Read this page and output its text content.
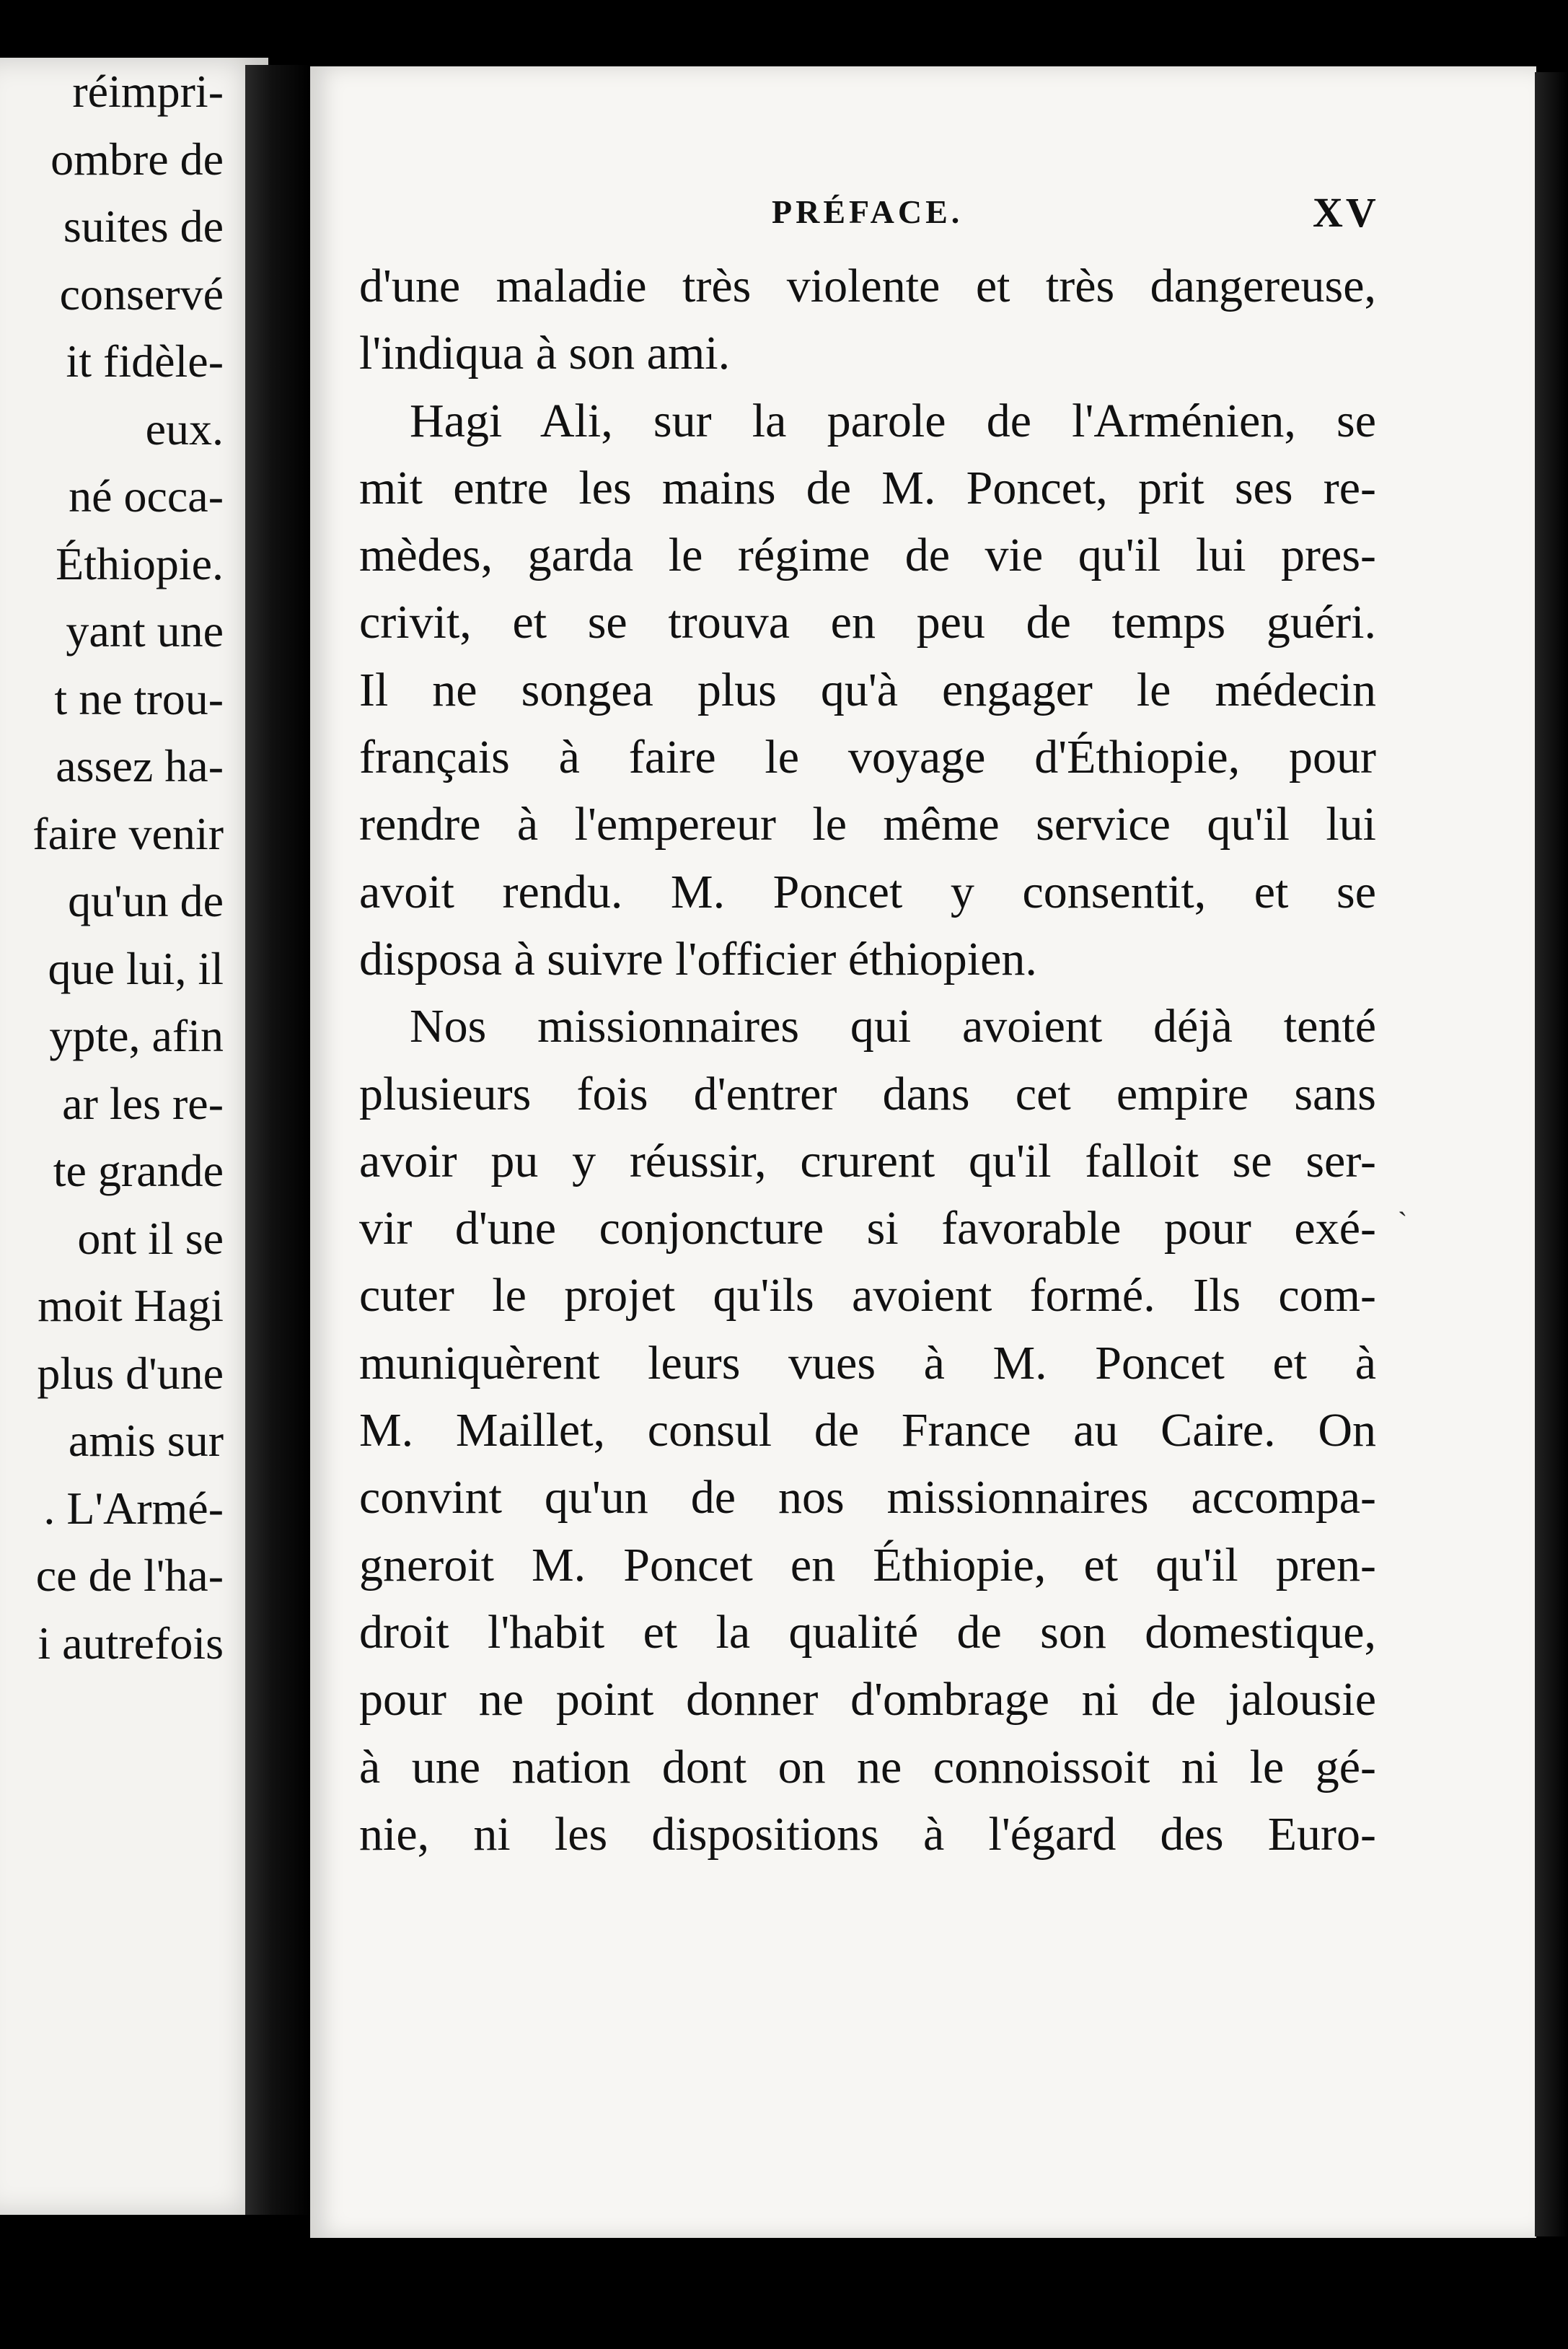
réimpri-
ombre de
suites de
conservé
it fidèle-
eux.
né occa-
Éthiopie.
yant une
t ne trou-
assez ha-
faire venir
qu'un de
que lui, il
ypte, afin
ar les re-
te grande
ont il se
moit Hagi
plus d'une
amis sur
. L'Armé-
ce de l'ha-
i autrefois
PRÉFACE.	XV
d'une maladie très violente et très dangereuse,
l'indiqua à son ami.
Hagi Ali, sur la parole de l'Arménien, se
mit entre les mains de M. Poncet, prit ses re-
mèdes, garda le régime de vie qu'il lui pres-
crivit, et se trouva en peu de temps guéri.
Il ne songea plus qu'à engager le médecin
français à faire le voyage d'Éthiopie, pour
rendre à l'empereur le même service qu'il lui
avoit rendu. M. Poncet y consentit, et se
disposa à suivre l'officier éthiopien.
Nos missionnaires qui avoient déjà tenté
plusieurs fois d'entrer dans cet empire sans
avoir pu y réussir, crurent qu'il falloit se ser-
vir d'une conjoncture si favorable pour exé-
cuter le projet qu'ils avoient formé. Ils com-
muniquèrent leurs vues à M. Poncet et à
M. Maillet, consul de France au Caire. On
convint qu'un de nos missionnaires accompa-
gneroit M. Poncet en Éthiopie, et qu'il pren-
droit l'habit et la qualité de son domestique,
pour ne point donner d'ombrage ni de jalousie
à une nation dont on ne connoissoit ni le gé-
nie, ni les dispositions à l'égard des Euro-
ˏ
